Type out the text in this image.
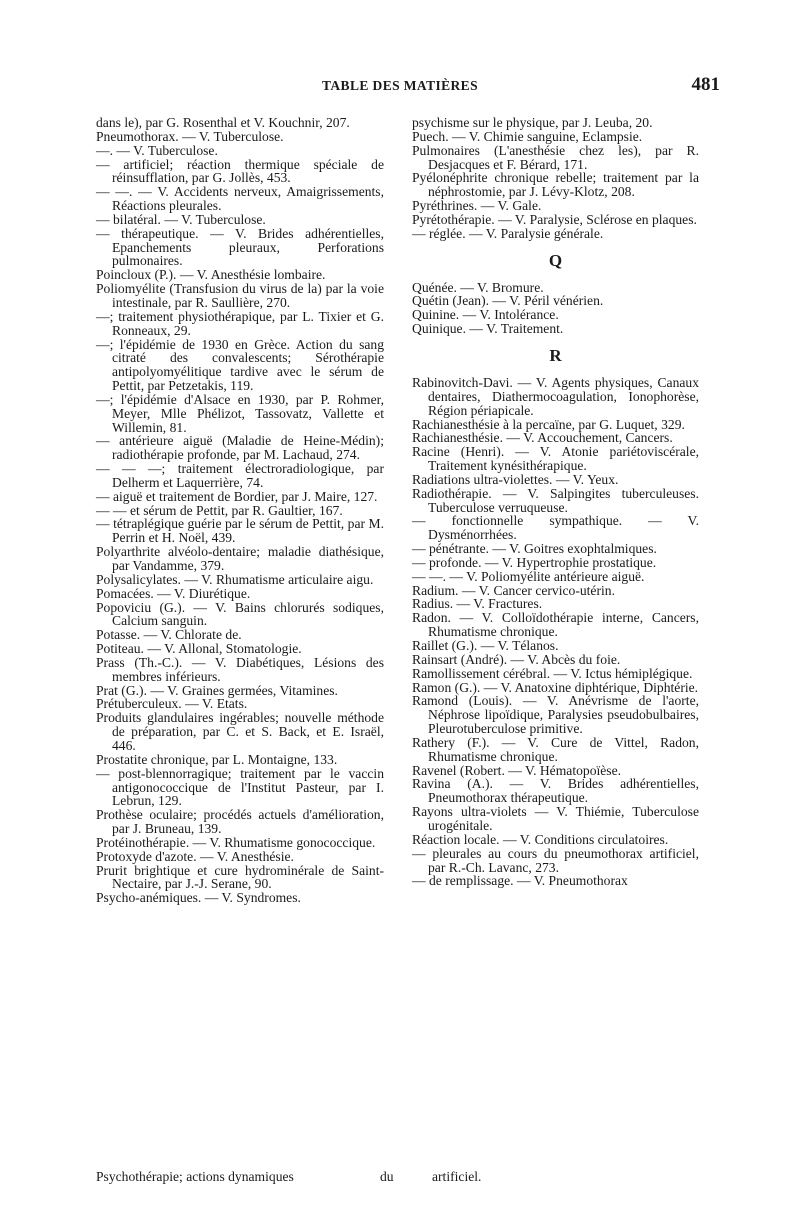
TABLE DES MATIÈRES	481
dans le), par G. Rosenthal et V. Kouchnir, 207.
Pneumothorax. — V. Tuberculose.
—. — V. Tuberculose.
— artificiel; réaction thermique spéciale de réinsufflation, par G. Jollès, 453.
— —. — V. Accidents nerveux, Amaigrissements, Réactions pleurales.
— bilatéral. — V. Tuberculose.
— thérapeutique. — V. Brides adhérentielles, Epanchements pleuraux, Perforations pulmonaires.
Poincloux (P.). — V. Anesthésie lombaire.
Poliomyélite (Transfusion du virus de la) par la voie intestinale, par R. Saullière, 270.
—; traitement physiothérapique, par L. Tixier et G. Ronneaux, 29.
—; l'épidémie de 1930 en Grèce. Action du sang citraté des convalescents; Sérothérapie antipolyomyélitique tardive avec le sérum de Pettit, par Petzetakis, 119.
—; l'épidémie d'Alsace en 1930, par P. Rohmer, Meyer, Mlle Phélizot, Tassovatz, Vallette et Willemin, 81.
— antérieure aiguë (Maladie de Heine-Médin); radiothérapie profonde, par M. Lachaud, 274.
— — —; traitement électroradiologique, par Delherm et Laquerrière, 74.
— aiguë et traitement de Bordier, par J. Maire, 127.
— — et sérum de Pettit, par R. Gaultier, 167.
— tétraplégique guérie par le sérum de Pettit, par M. Perrin et H. Noël, 439.
Polyarthrite alvéolo-dentaire; maladie diathésique, par Vandamme, 379.
Polysalicylates. — V. Rhumatisme articulaire aigu.
Pomacées. — V. Diurétique.
Popoviciu (G.). — V. Bains chlorurés sodiques, Calcium sanguin.
Potasse. — V. Chlorate de.
Potiteau. — V. Allonal, Stomatologie.
Prass (Th.-C.). — V. Diabétiques, Lésions des membres inférieurs.
Prat (G.). — V. Graines germées, Vitamines.
Prétuberculeux. — V. Etats.
Produits glandulaires ingérables; nouvelle méthode de préparation, par C. et S. Back, et E. Israël, 446.
Prostatite chronique, par L. Montaigne, 133.
— post-blennorragique; traitement par le vaccin antigonococcique de l'Institut Pasteur, par I. Lebrun, 129.
Prothèse oculaire; procédés actuels d'amélioration, par J. Bruneau, 139.
Protéinothérapie. — V. Rhumatisme gonococcique.
Protoxyde d'azote. — V. Anesthésie.
Prurit brightique et cure hydrominérale de Saint-Nectaire, par J.-J. Serane, 90.
Psycho-anémiques. — V. Syndromes.
psychisme sur le physique, par J. Leuba, 20.
Puech. — V. Chimie sanguine, Eclampsie.
Pulmonaires (L'anesthésie chez les), par R. Desjacques et F. Bérard, 171.
Pyélonéphrite chronique rebelle; traitement par la néphrostomie, par J. Lévy-Klotz, 208.
Pyréthrines. — V. Gale.
Pyrétothérapie. — V. Paralysie, Sclérose en plaques.
— réglée. — V. Paralysie générale.
Q
Quénée. — V. Bromure.
Quétin (Jean). — V. Péril vénérien.
Quinine. — V. Intolérance.
Quinique. — V. Traitement.
R
Rabinovitch-Davi. — V. Agents physiques, Canaux dentaires, Diathermocoagulation, Ionophorèse, Région périapicale.
Rachianesthésie à la percaïne, par G. Luquet, 329.
Rachianesthésie. — V. Accouchement, Cancers.
Racine (Henri). — V. Atonie pariétoviscérale, Traitement kynésithérapique.
Radiations ultra-violettes. — V. Yeux.
Radiothérapie. — V. Salpingites tuberculeuses. Tuberculose verruqueuse.
— fonctionnelle sympathique. — V. Dysménorrhées.
— pénétrante. — V. Goitres exophtalmiques.
— profonde. — V. Hypertrophie prostatique.
— —. — V. Poliomyélite antérieure aiguë.
Radium. — V. Cancer cervico-utérin.
Radius. — V. Fractures.
Radon. — V. Colloïdothérapie interne, Cancers, Rhumatisme chronique.
Raillet (G.). — V. Télanos.
Rainsart (André). — V. Abcès du foie.
Ramollissement cérébral. — V. Ictus hémiplégique.
Ramon (G.). — V. Anatoxine diphtérique, Diphtérie.
Ramond (Louis). — V. Anévrisme de l'aorte, Néphrose lipoïdique, Paralysies pseudobulbaires, Pleurotuberculose primitive.
Rathery (F.). — V. Cure de Vittel, Radon, Rhumatisme chronique.
Ravenel (Robert. — V. Hématopoïèse.
Ravina (A.). — V. Brides adhérentielles, Pneumothorax thérapeutique.
Rayons ultra-violets — V. Thiémie, Tuberculose urogénitale.
Réaction locale. — V. Conditions circulatoires.
— pleurales au cours du pneumothorax artificiel, par R.-Ch. Lavanc, 273.
— de remplissage. — V. Pneumothorax
Psychothérapie; actions dynamiques	du	artificiel.
